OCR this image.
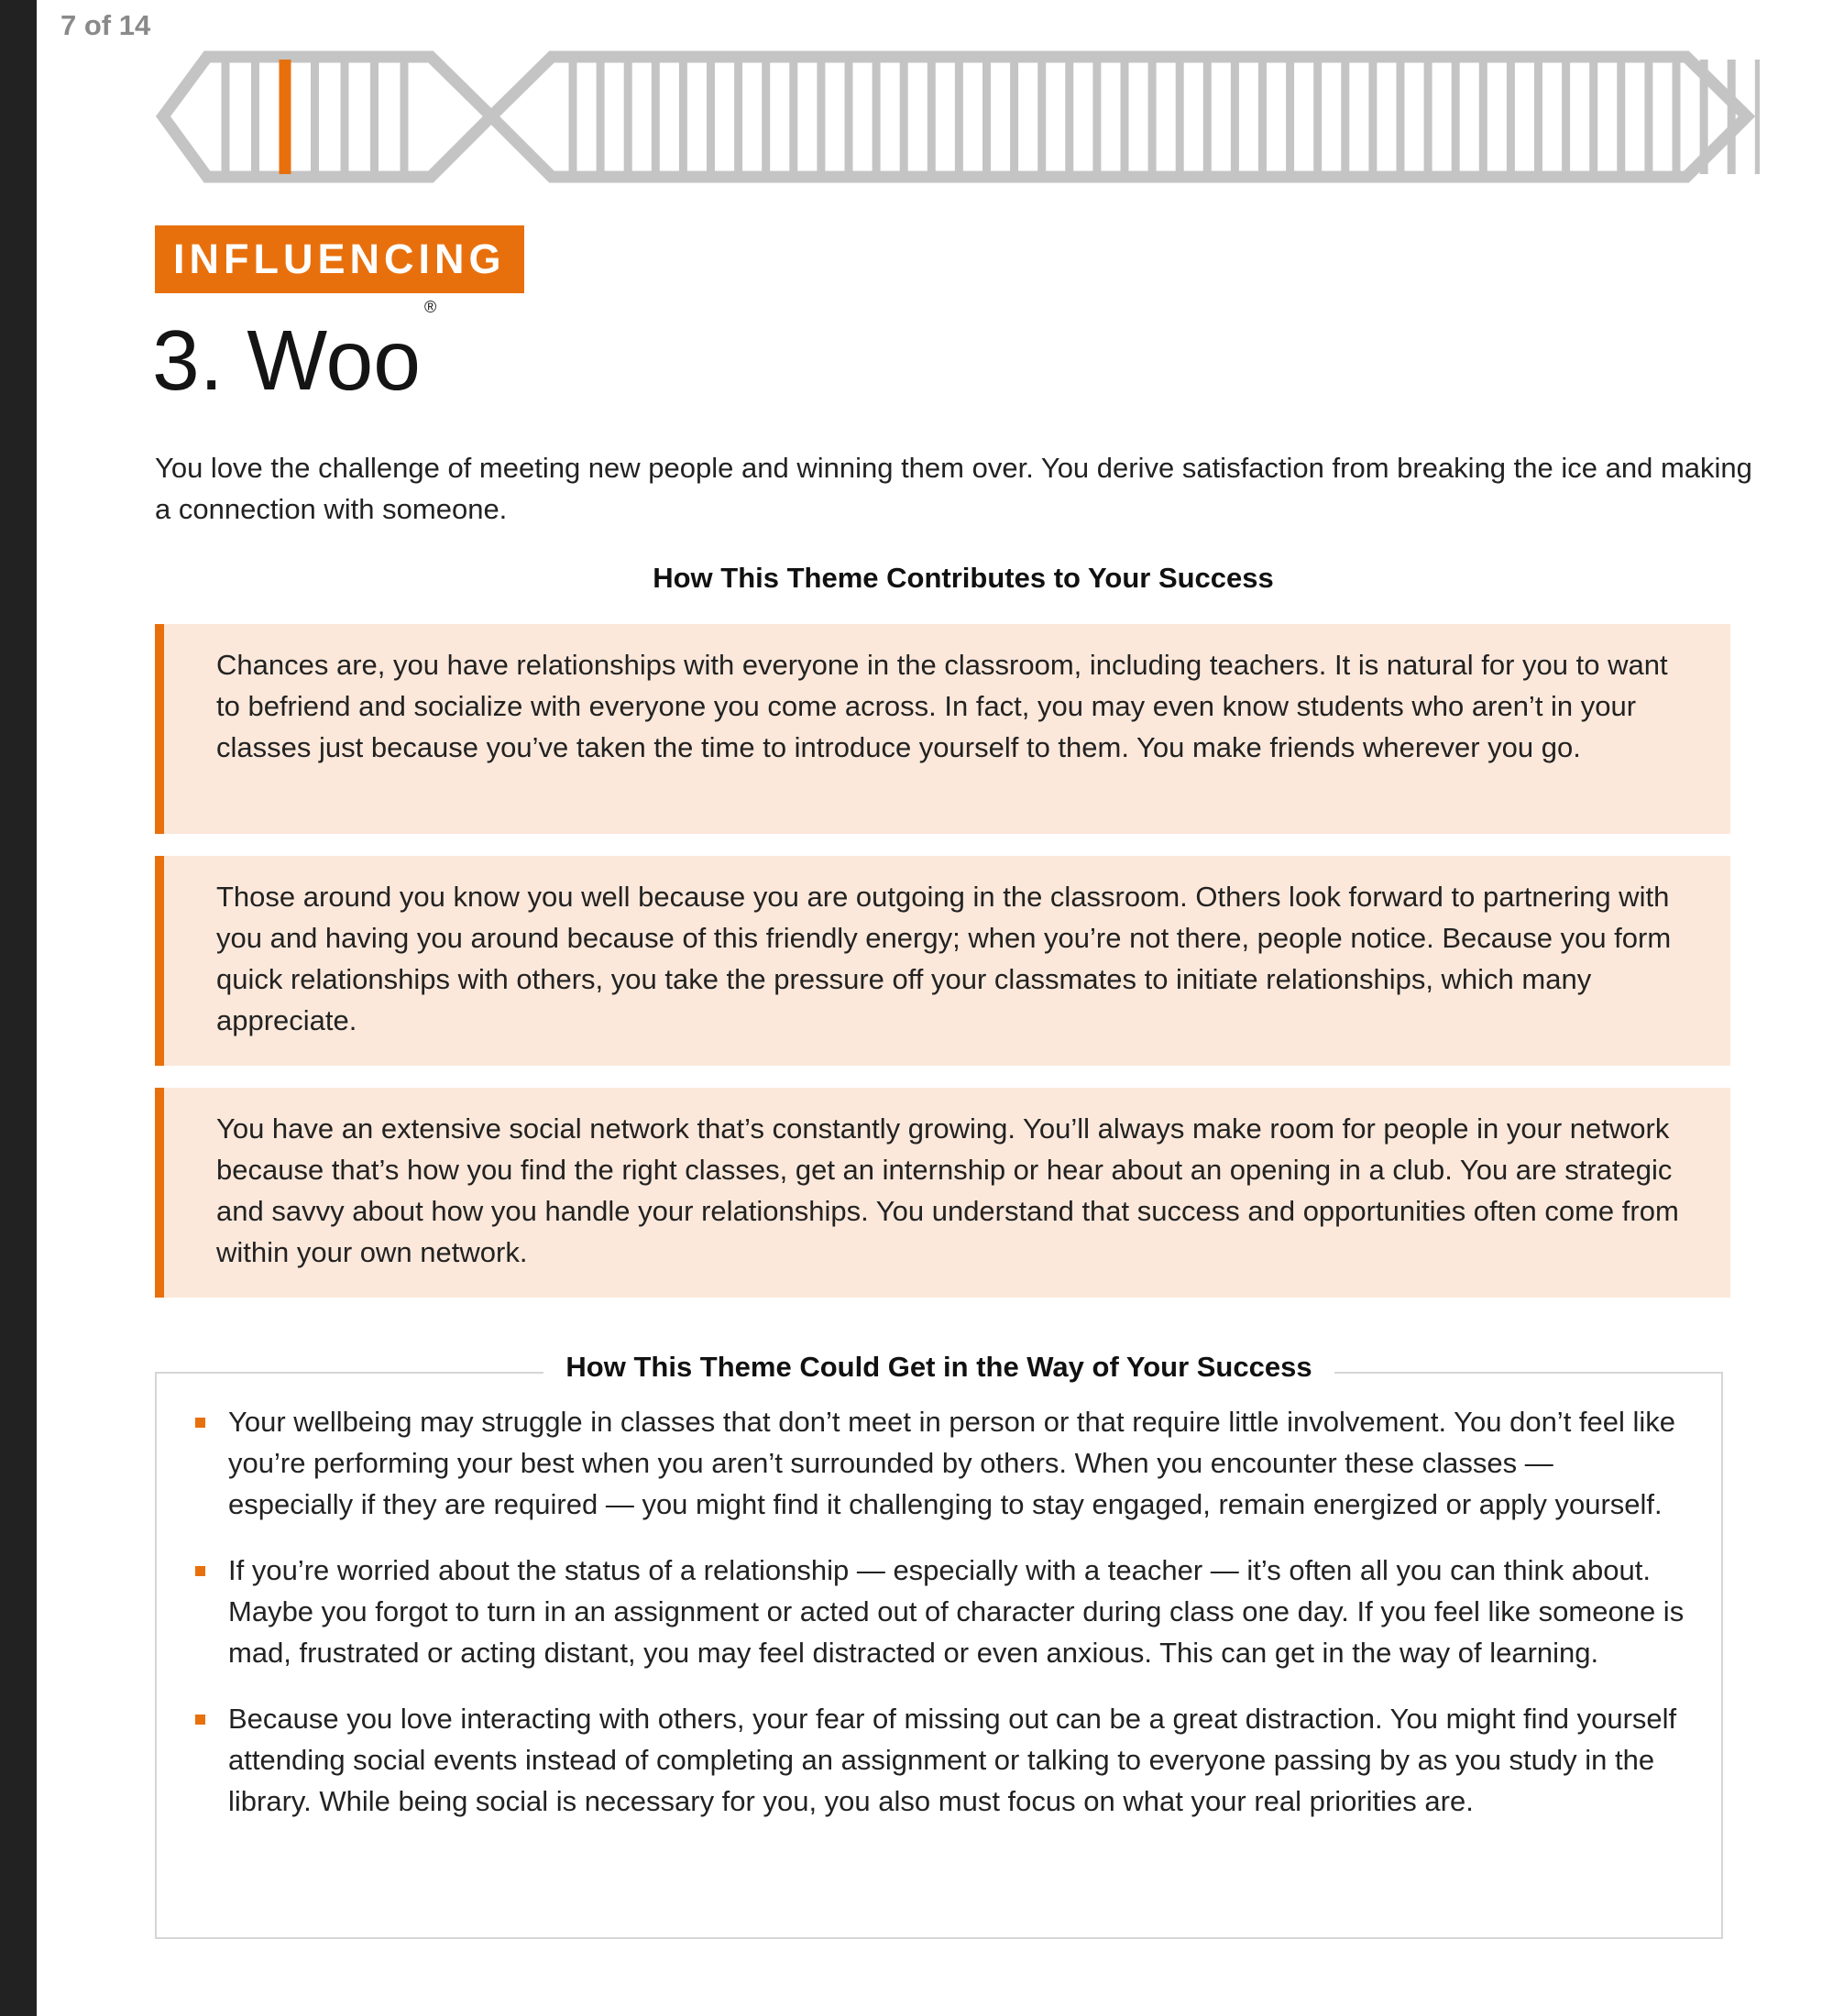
7 of 14
INFLUENCING
3. Woo®
You love the challenge of meeting new people and winning them over. You derive satisfaction from breaking the ice and making a connection with someone.
How This Theme Contributes to Your Success
Chances are, you have relationships with everyone in the classroom, including teachers. It is natural for you to want to befriend and socialize with everyone you come across. In fact, you may even know students who aren’t in your classes just because you’ve taken the time to introduce yourself to them. You make friends wherever you go.
Those around you know you well because you are outgoing in the classroom. Others look forward to partnering with you and having you around because of this friendly energy; when you’re not there, people notice. Because you form quick relationships with others, you take the pressure off your classmates to initiate relationships, which many appreciate.
You have an extensive social network that’s constantly growing. You’ll always make room for people in your network because that’s how you find the right classes, get an internship or hear about an opening in a club. You are strategic and savvy about how you handle your relationships. You understand that success and opportunities often come from within your own network.
How This Theme Could Get in the Way of Your Success
Your wellbeing may struggle in classes that don’t meet in person or that require little involvement. You don’t feel like you’re performing your best when you aren’t surrounded by others. When you encounter these classes — especially if they are required — you might find it challenging to stay engaged, remain energized or apply yourself.
If you’re worried about the status of a relationship — especially with a teacher — it’s often all you can think about. Maybe you forgot to turn in an assignment or acted out of character during class one day. If you feel like someone is mad, frustrated or acting distant, you may feel distracted or even anxious. This can get in the way of learning.
Because you love interacting with others, your fear of missing out can be a great distraction. You might find yourself attending social events instead of completing an assignment or talking to everyone passing by as you study in the library. While being social is necessary for you, you also must focus on what your real priorities are.
